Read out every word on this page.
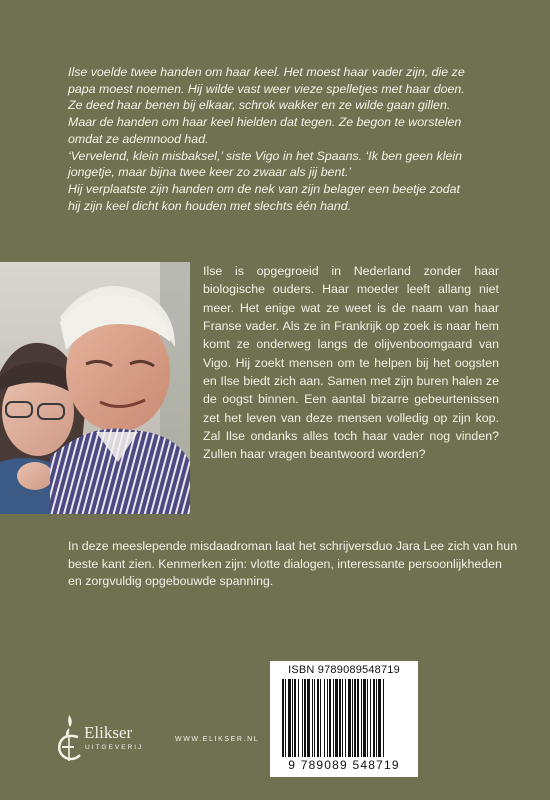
Ilse voelde twee handen om haar keel. Het moest haar vader zijn, die ze

papa moest noemen. Hij wilde vast weer vieze spelletjes met haar doen.

Ze deed haar benen bij elkaar, schrok wakker en ze wilde gaan gillen.

Maar de handen om haar keel hielden dat tegen. Ze begon te worstelen

omdat ze ademnood had.

‘Vervelend, klein misbaksel,’ siste Vigo in het Spaans. ‘Ik ben geen klein

jongetje, maar bijna twee keer zo zwaar als jij bent.’

Hij verplaatste zijn handen om de nek van zijn belager een beetje zodat

hij zijn keel dicht kon houden met slechts één hand.

Ilse is opgegroeid in Nederland zonder haar biologische ouders. Haar moeder leeft allang niet meer. Het enige wat ze weet is de naam van haar Franse vader. Als ze in Frankrijk op zoek is naar hem komt ze onderweg langs de olijvenboomgaard van Vigo. Hij zoekt mensen om te helpen bij het oogsten en Ilse biedt zich aan. Samen met zijn buren halen ze de oogst binnen. Een aantal bizarre gebeurtenissen zet het leven van deze mensen volledig op zijn kop. Zal Ilse ondanks alles toch haar vader nog vinden? Zullen haar vragen beantwoord worden?

In deze meeslepende misdaadroman laat het schrijversduo Jara Lee zich van hun beste kant zien. Kenmerken zijn: vlotte dialogen, interessante persoonlijkheden en zorgvuldig opgebouwde spanning.

ISBN 9789089548719
9 789089 548719
Elikser
UITGEVERIJ
WWW.ELIKSER.NL
